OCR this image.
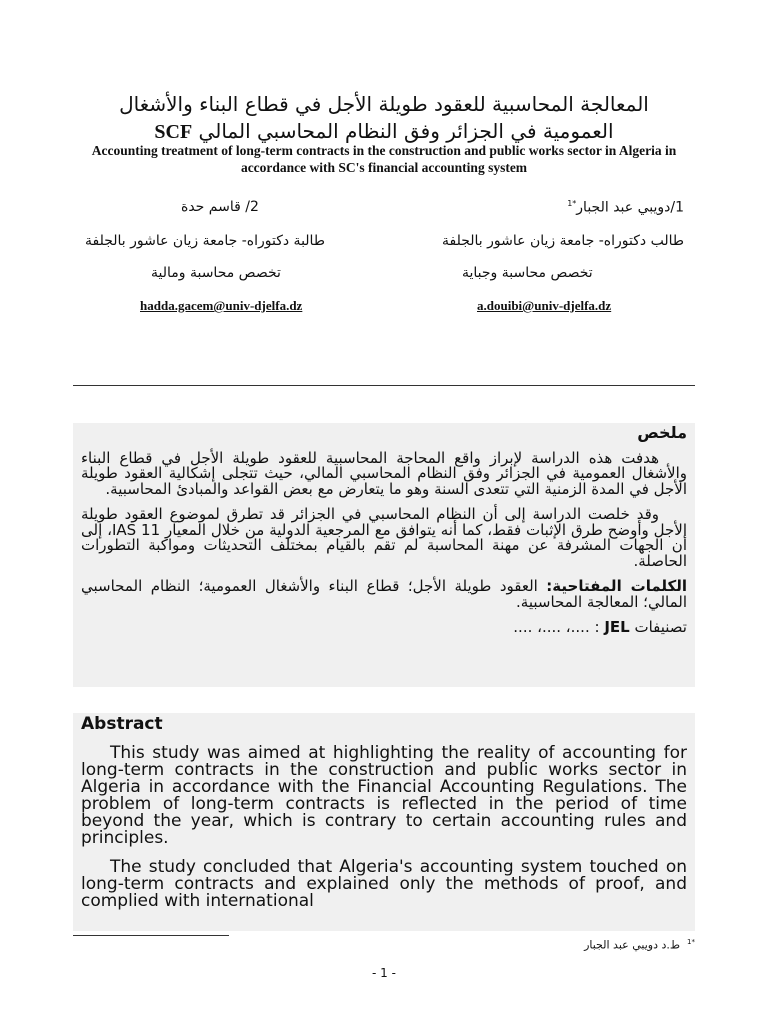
المعالجة المحاسبية للعقود طويلة الأجل في قطاع البناء والأشغال
العمومية في الجزائر وفق النظام المحاسبي المالي SCF
Accounting treatment of long-term contracts in the construction and public works sector in Algeria in accordance with SC's financial accounting system
1/دويبي عبد الجبار$^{*1}$
طالب دكتوراه- جامعة زيان عاشور بالجلفة
تخصص محاسبة وجباية
a.douibi@univ-djelfa.dz
2/ قاسم حدة
طالبة دكتوراه- جامعة زيان عاشور بالجلفة
تخصص محاسبة ومالية
hadda.gacem@univ-djelfa.dz

ملخص

هدفت هذه الدراسة لإبراز واقع المحاجة المحاسبية للعقود طويلة الأجل في قطاع البناء والأشغال العمومية في الجزائر وفق النظام المحاسبي المالي، حيث تتجلى إشكالية العقود طويلة الأجل في المدة الزمنية التي تتعدى السنة وهو ما يتعارض مع بعض القواعد والمبادئ المحاسبية.

وقد خلصت الدراسة إلى أن النظام المحاسبي في الجزائر قد تطرق لموضوع العقود طويلة الأجل وأوضح طرق الإثبات فقط، كما أنه يتوافق مع المرجعية الدولية من خلال المعيار IAS 11، إلى أن الجهات المشرفة عن مهنة المحاسبة لم تقم بالقيام بمختلف التحديثات ومواكبة التطورات الحاصلة.

الكلمات المفتاحية: العقود طويلة الأجل؛ قطاع البناء والأشغال العمومية؛ النظام المحاسبي المالي؛ المعالجة المحاسبية.

تصنيفات JEL : ....، ....، ....

Abstract

This study was aimed at highlighting the reality of accounting for long-term contracts in the construction and public works sector in Algeria in accordance with the Financial Accounting Regulations. The problem of long-term contracts is reflected in the period of time beyond the year, which is contrary to certain accounting rules and principles.

The study concluded that Algeria's accounting system touched on long-term contracts and explained only the methods of proof, and complied with international

$^{*1}$  ط.د دويبي عبد الجبار
- 1 -
